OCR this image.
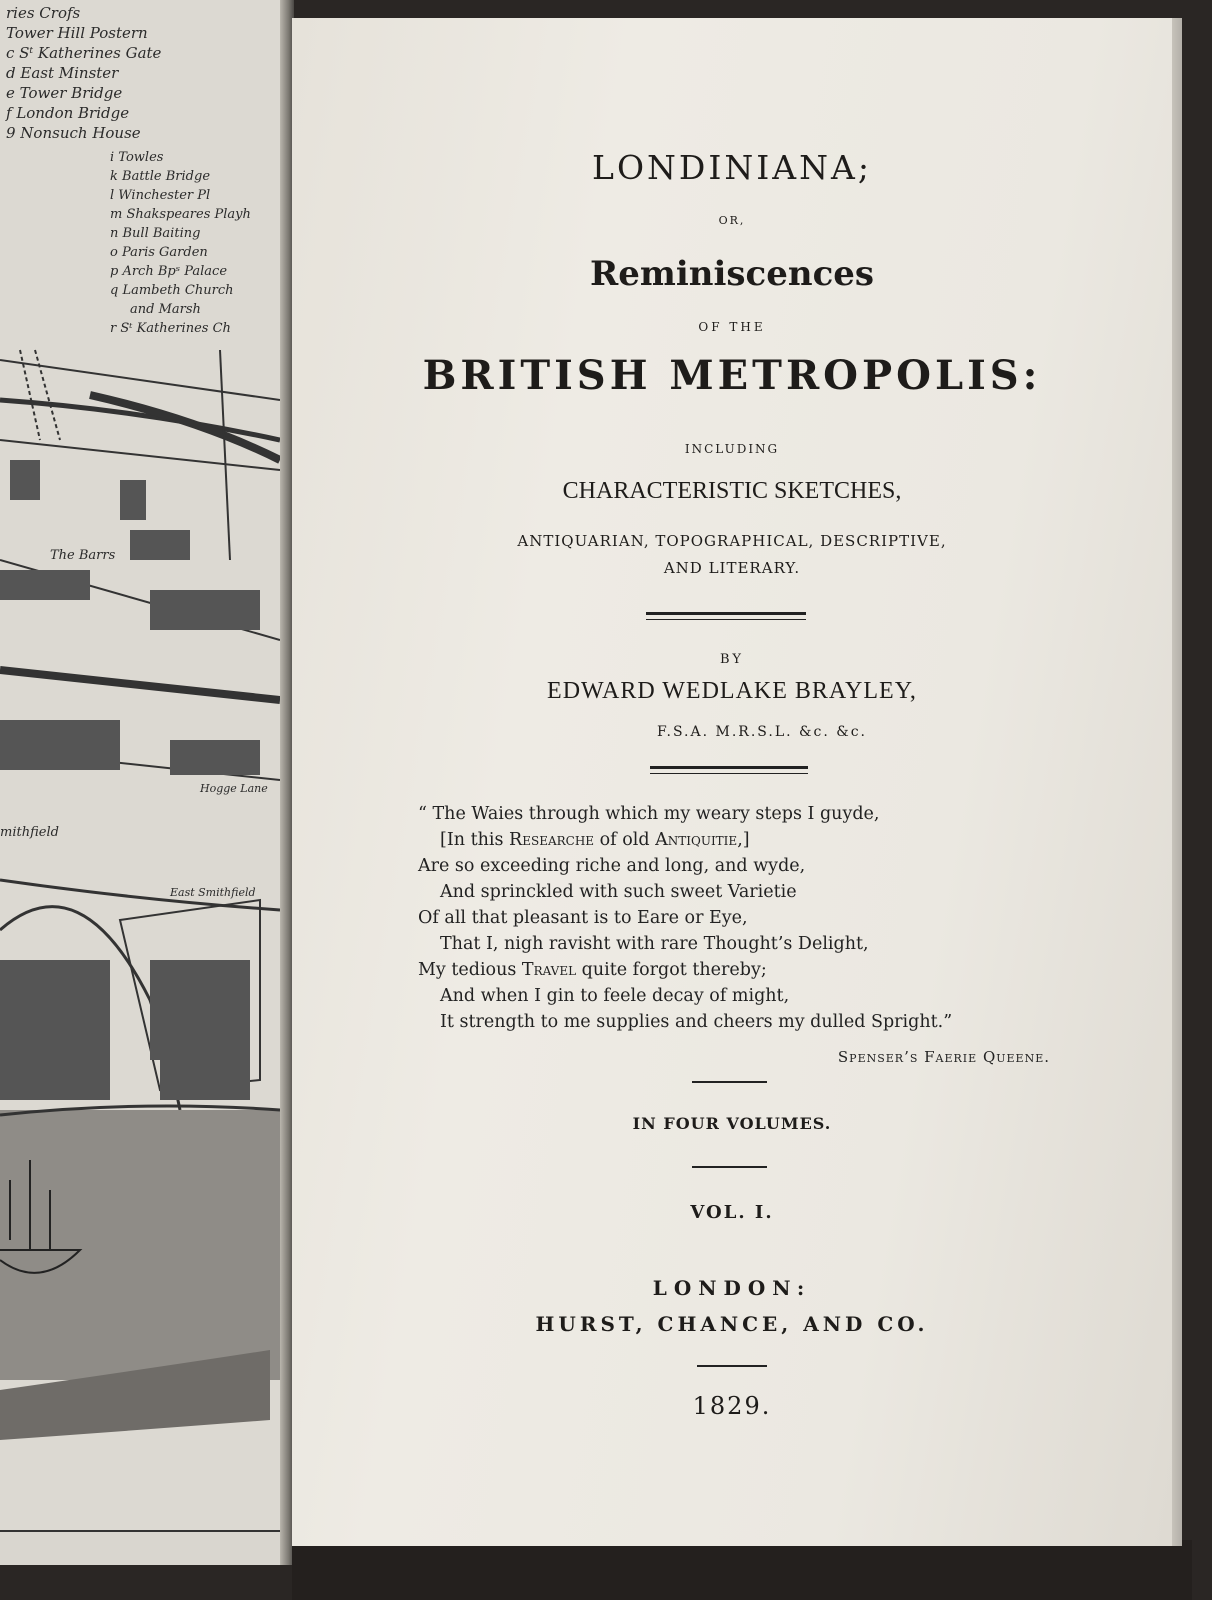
ries Crofs
Tower Hill Postern
c Sᵗ Katherines Gate
d East Minster
e Tower Bridge
f London Bridge
9 Nonsuch House
i Towles
k Battle Bridge
l Winchester Pl
m Shakspeares Playh
n Bull Baiting
o Paris Garden
p Arch Bpˢ Palace
q Lambeth Church
and Marsh
r Sᵗ Katherines Ch
The Barrs
Hogge Lane
mithfield
East Smithfield
LONDINIANA;
OR,
Reminiscences
OF THE
BRITISH METROPOLIS:
INCLUDING
CHARACTERISTIC SKETCHES,
ANTIQUARIAN, TOPOGRAPHICAL, DESCRIPTIVE,
AND LITERARY.
BY
EDWARD WEDLAKE BRAYLEY,
F.S.A. M.R.S.L. &c. &c.
“ The Waies through which my weary steps I guyde,
[In this Researche of old Antiquitie,]
Are so exceeding riche and long, and wyde,
And sprinckled with such sweet Varietie
Of all that pleasant is to Eare or Eye,
That I, nigh ravisht with rare Thought’s Delight,
My tedious Travel quite forgot thereby;
And when I gin to feele decay of might,
It strength to me supplies and cheers my dulled Spright.”
Spenser’s Faerie Queene.
IN FOUR VOLUMES.
VOL. I.
LONDON:
HURST, CHANCE, AND CO.
1829.
